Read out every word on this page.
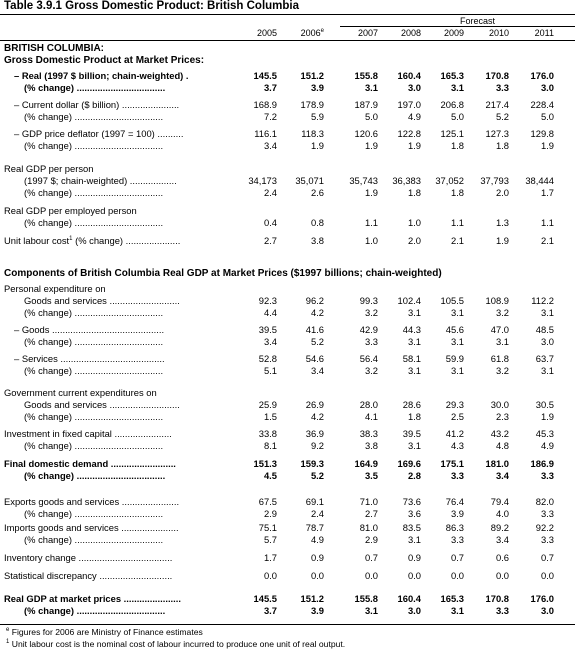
Table 3.9.1 Gross Domestic Product: British Columbia
Forecast
2005	2006e	2007	2008	2009	2010	2011
BRITISH COLUMBIA:
Gross Domestic Product at Market Prices:
– Real (1997 $ billion; chain-weighted) .	145.5	151.2	155.8	160.4	165.3	170.8	176.0
(% change) ..................................	3.7	3.9	3.1	3.0	3.1	3.3	3.0
– Current dollar ($ billion) ......................	168.9	178.9	187.9	197.0	206.8	217.4	228.4
(% change) ..................................	7.2	5.9	5.0	4.9	5.0	5.2	5.0
– GDP price deflator (1997 = 100) ..........	116.1	118.3	120.6	122.8	125.1	127.3	129.8
(% change) ..................................	3.4	1.9	1.9	1.9	1.8	1.8	1.9
Real GDP per person
(1997 $; chain-weighted) ..................	34,173	35,071	35,743	36,383	37,052	37,793	38,444
(% change) ..................................	2.4	2.6	1.9	1.8	1.8	2.0	1.7
Real GDP per employed person
(% change) ..................................	0.4	0.8	1.1	1.0	1.1	1.3	1.1
Unit labour cost$^1$ (% change) .....................	2.7	3.8	1.0	2.0	2.1	1.9	2.1
Components of British Columbia Real GDP at Market Prices ($1997 billions; chain-weighted)
Personal expenditure on
Goods and services ...........................	92.3	96.2	99.3	102.4	105.5	108.9	112.2
(% change) ..................................	4.4	4.2	3.2	3.1	3.1	3.2	3.1
– Goods ...........................................	39.5	41.6	42.9	44.3	45.6	47.0	48.5
(% change) ..................................	3.4	5.2	3.3	3.1	3.1	3.1	3.0
– Services ........................................	52.8	54.6	56.4	58.1	59.9	61.8	63.7
(% change) ..................................	5.1	3.4	3.2	3.1	3.1	3.2	3.1
Government current expenditures on
Goods and services ...........................	25.9	26.9	28.0	28.6	29.3	30.0	30.5
(% change) ..................................	1.5	4.2	4.1	1.8	2.5	2.3	1.9
Investment in fixed capital ......................	33.8	36.9	38.3	39.5	41.2	43.2	45.3
(% change) ..................................	8.1	9.2	3.8	3.1	4.3	4.8	4.9
Final domestic demand .........................	151.3	159.3	164.9	169.6	175.1	181.0	186.9
(% change) ..................................	4.5	5.2	3.5	2.8	3.3	3.4	3.3
Exports goods and services ......................	67.5	69.1	71.0	73.6	76.4	79.4	82.0
(% change) ..................................	2.9	2.4	2.7	3.6	3.9	4.0	3.3
Imports goods and services ......................	75.1	78.7	81.0	83.5	86.3	89.2	92.2
(% change) ..................................	5.7	4.9	2.9	3.1	3.3	3.4	3.3
Inventory change ....................................	1.7	0.9	0.7	0.9	0.7	0.6	0.7
Statistical discrepancy ............................	0.0	0.0	0.0	0.0	0.0	0.0	0.0
Real GDP at market prices ......................	145.5	151.2	155.8	160.4	165.3	170.8	176.0
(% change) ..................................	3.7	3.9	3.1	3.0	3.1	3.3	3.0
$^e$ Figures for 2006 are Ministry of Finance estimates
$^1$ Unit labour cost is the nominal cost of labour incurred to produce one unit of real output.
